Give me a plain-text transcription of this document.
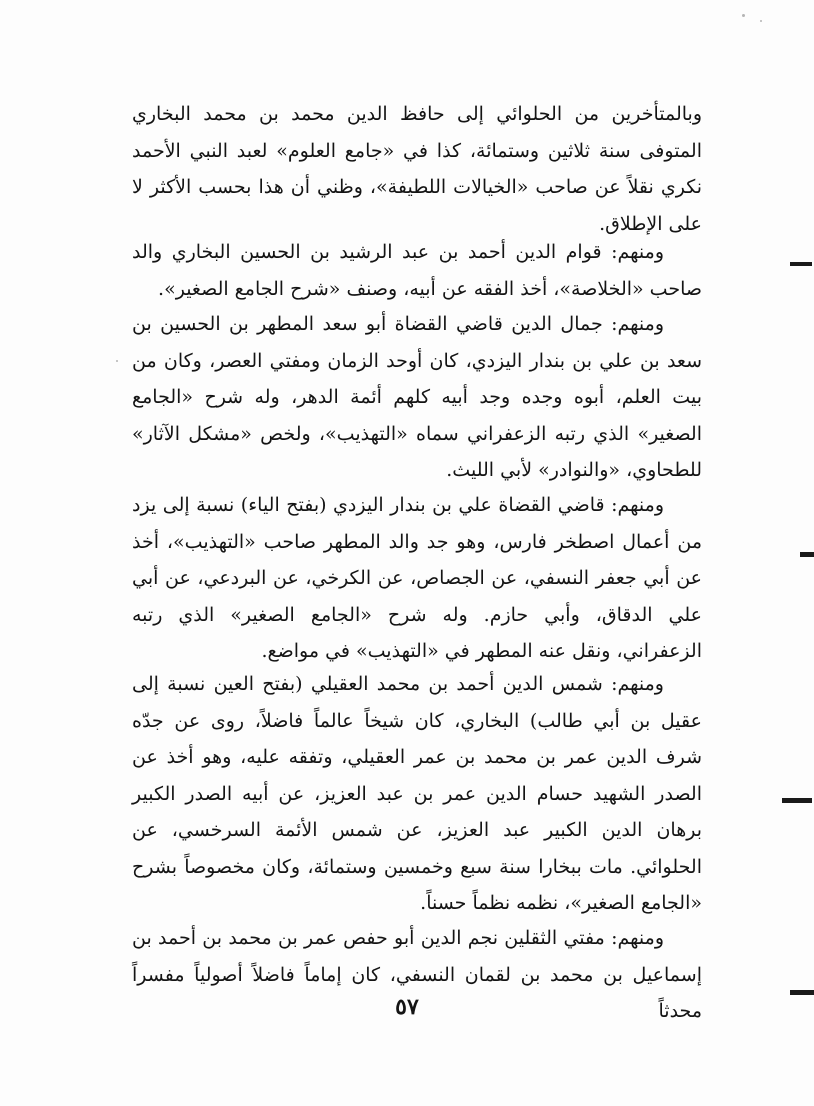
وبالمتأخرين من الحلوائي إلى حافظ الدين محمد بن محمد البخاري المتوفى سنة ثلاثين وستمائة، كذا في «جامع العلوم» لعبد النبي الأحمد نكري نقلاً عن صاحب «الخيالات اللطيفة»، وظني أن هذا بحسب الأكثر لا على الإطلاق.

ومنهم: قوام الدين أحمد بن عبد الرشيد بن الحسين البخاري والد صاحب «الخلاصة»، أخذ الفقه عن أبيه، وصنف «شرح الجامع الصغير».

ومنهم: جمال الدين قاضي القضاة أبو سعد المطهر بن الحسين بن سعد بن علي بن بندار اليزدي، كان أوحد الزمان ومفتي العصر، وكان من بيت العلم، أبوه وجده وجد أبيه كلهم أئمة الدهر، وله شرح «الجامع الصغير» الذي رتبه الزعفراني سماه «التهذيب»، ولخص «مشكل الآثار» للطحاوي، «والنوادر» لأبي الليث.

ومنهم: قاضي القضاة علي بن بندار اليزدي (بفتح الياء) نسبة إلى يزد من أعمال اصطخر فارس، وهو جد والد المطهر صاحب «التهذيب»، أخذ عن أبي جعفر النسفي، عن الجصاص، عن الكرخي، عن البردعي، عن أبي علي الدقاق، وأبي حازم. وله شرح «الجامع الصغير» الذي رتبه الزعفراني، ونقل عنه المطهر في «التهذيب» في مواضع.

ومنهم: شمس الدين أحمد بن محمد العقيلي (بفتح العين نسبة إلى عقيل بن أبي طالب) البخاري، كان شيخاً عالماً فاضلاً، روى عن جدّه شرف الدين عمر بن محمد بن عمر العقيلي، وتفقه عليه، وهو أخذ عن الصدر الشهيد حسام الدين عمر بن عبد العزيز، عن أبيه الصدر الكبير برهان الدين الكبير عبد العزيز، عن شمس الأئمة السرخسي، عن الحلوائي. مات ببخارا سنة سبع وخمسين وستمائة، وكان مخصوصاً بشرح «الجامع الصغير»، نظمه نظماً حسناً.

ومنهم: مفتي الثقلين نجم الدين أبو حفص عمر بن محمد بن أحمد بن إسماعيل بن محمد بن لقمان النسفي، كان إماماً فاضلاً أصولياً مفسراً محدثاً

٥٧
